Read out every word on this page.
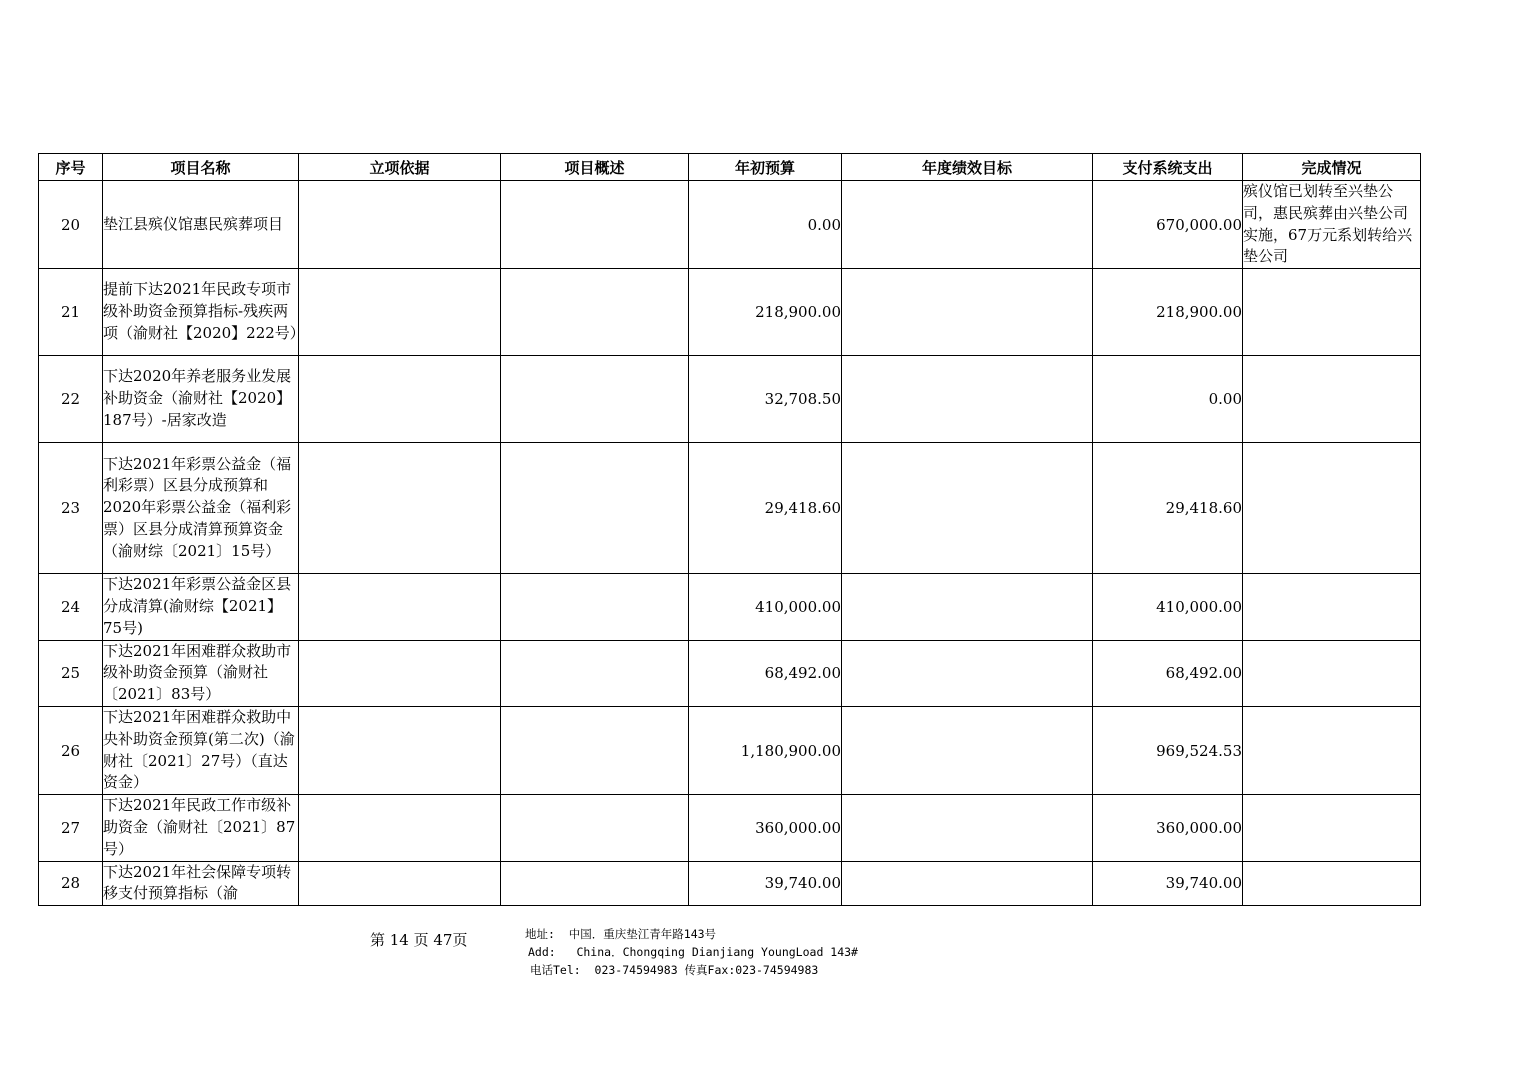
序号	项目名称	立项依据	项目概述	年初预算	年度绩效目标	支付系统支出	完成情况
20	垫江县殡仪馆惠民殡葬项目			0.00		670,000.00	殡仪馆已划转至兴垫公司，惠民殡葬由兴垫公司实施，67万元系划转给兴垫公司
21	提前下达2021年民政专项市级补助资金预算指标-残疾两项（渝财社【2020】222号）			218,900.00		218,900.00	
22	下达2020年养老服务业发展补助资金（渝财社【2020】187号）-居家改造			32,708.50		0.00	
23	下达2021年彩票公益金（福利彩票）区县分成预算和2020年彩票公益金（福利彩票）区县分成清算预算资金（渝财综〔2021〕15号）			29,418.60		29,418.60	
24	下达2021年彩票公益金区县分成清算(渝财综【2021】75号)			410,000.00		410,000.00	
25	下达2021年困难群众救助市级补助资金预算（渝财社〔2021〕83号）			68,492.00		68,492.00	
26	下达2021年困难群众救助中央补助资金预算(第二次)（渝财社〔2021〕27号）（直达资金）			1,180,900.00		969,524.53	
27	下达2021年民政工作市级补助资金（渝财社〔2021〕87号）			360,000.00		360,000.00	
28	下达2021年社会保障专项转移支付预算指标（渝			39,740.00		39,740.00	
第 14 页 47页	地址:  中国．重庆垫江青年路143号
Add:   China．Chongqing Dianjiang YoungLoad 143#
电话Tel:  023-74594983 传真Fax:023-74594983
